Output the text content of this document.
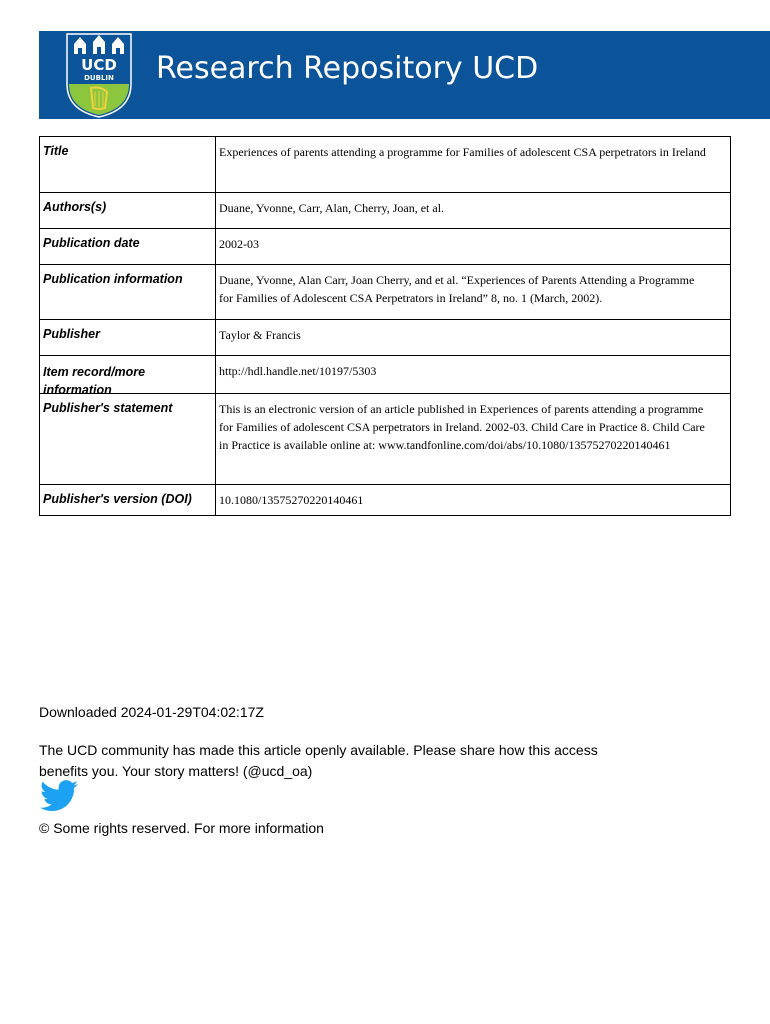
UCD
DUBLIN Research Repository UCD
Title	Experiences of parents attending a programme for Families of adolescent CSA perpetrators in Ireland
Authors(s)	Duane, Yvonne, Carr, Alan, Cherry, Joan, et al.
Publication date	2002-03
Publication information	Duane, Yvonne, Alan Carr, Joan Cherry, and et al. “Experiences of Parents Attending a Programme for Families of Adolescent CSA Perpetrators in Ireland” 8, no. 1 (March, 2002).
Publisher	Taylor & Francis

Item record/more information	http://hdl.handle.net/10197/5303
Publisher's statement	This is an electronic version of an article published in Experiences of parents attending a programme for Families of adolescent CSA perpetrators in Ireland. 2002-03. Child Care in Practice 8. Child Care in Practice is available online at: www.tandfonline.com/doi/abs/10.1080/13575270220140461
Publisher's version (DOI)	10.1080/13575270220140461
Downloaded 2024-01-29T04:02:17Z
The UCD community has made this article openly available. Please share how this access benefits you. Your story matters! (@ucd_oa)
© Some rights reserved. For more information
